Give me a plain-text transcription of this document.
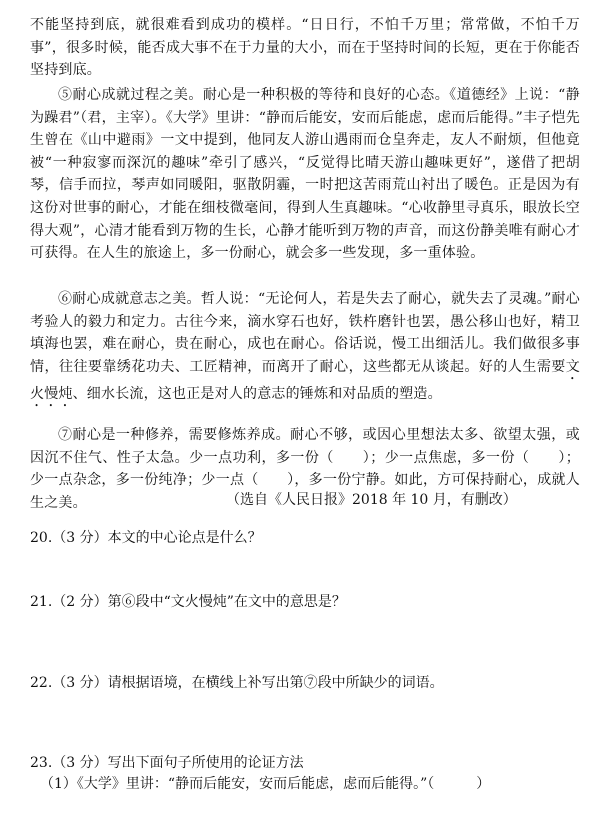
不能坚持到底，就很难看到成功的模样。“日日行，不怕千万里；常常做，不怕千万事”，很多时候，能否成大事不在于力量的大小，而在于坚持时间的长短，更在于你能否坚持到底。

⑤耐心成就过程之美。耐心是一种积极的等待和良好的心态。《道德经》上说：“静为躁君”（君，主宰）。《大学》里讲：“静而后能安，安而后能虑，虑而后能得。”丰子恺先生曾在《山中避雨》一文中提到，他同友人游山遇雨而仓皇奔走，友人不耐烦，但他竟被“一种寂寥而深沉的趣味”牵引了感兴，“反觉得比晴天游山趣味更好”，遂借了把胡琴，信手而拉，琴声如同暖阳，驱散阴霾，一时把这苦雨荒山衬出了暖色。正是因为有这份对世事的耐心，才能在细枝微毫间，得到人生真趣味。“心收静里寻真乐，眼放长空得大观”，心清才能看到万物的生长，心静才能听到万物的声音，而这份静美唯有耐心才可获得。在人生的旅途上，多一份耐心，就会多一些发现，多一重体验。

⑥耐心成就意志之美。哲人说：“无论何人，若是失去了耐心，就失去了灵魂。”耐心考验人的毅力和定力。古往今来，滴水穿石也好，铁杵磨针也罢，愚公移山也好，精卫填海也罢，难在耐心，贵在耐心，成也在耐心。俗话说，慢工出细活儿。我们做很多事情，往往要靠绣花功夫、工匠精神，而离开了耐心，这些都无从谈起。好的人生需要文火慢炖、细水长流，这也正是对人的意志的锤炼和对品质的塑造。

⑦耐心是一种修养，需要修炼养成。耐心不够，或因心里想法太多、欲望太强，或因沉不住气、性子太急。少一点功利，多一份（　　）；少一点焦虑，多一份（　　）；少一点杂念，多一份纯净；少一点（　　），多一份宁静。如此，方可保持耐心，成就人生之美。	（选自《人民日报》2018 年 10 月，有删改）
20.（3 分）本文的中心论点是什么？
21.（2 分）第⑥段中“文火慢炖”在文中的意思是？
22.（3 分）请根据语境，在横线上补写出第⑦段中所缺少的词语。
23.（3 分）写出下面句子所使用的论证方法
（1）《大学》里讲：“静而后能安，安而后能虑，虑而后能得。”（　　　）
